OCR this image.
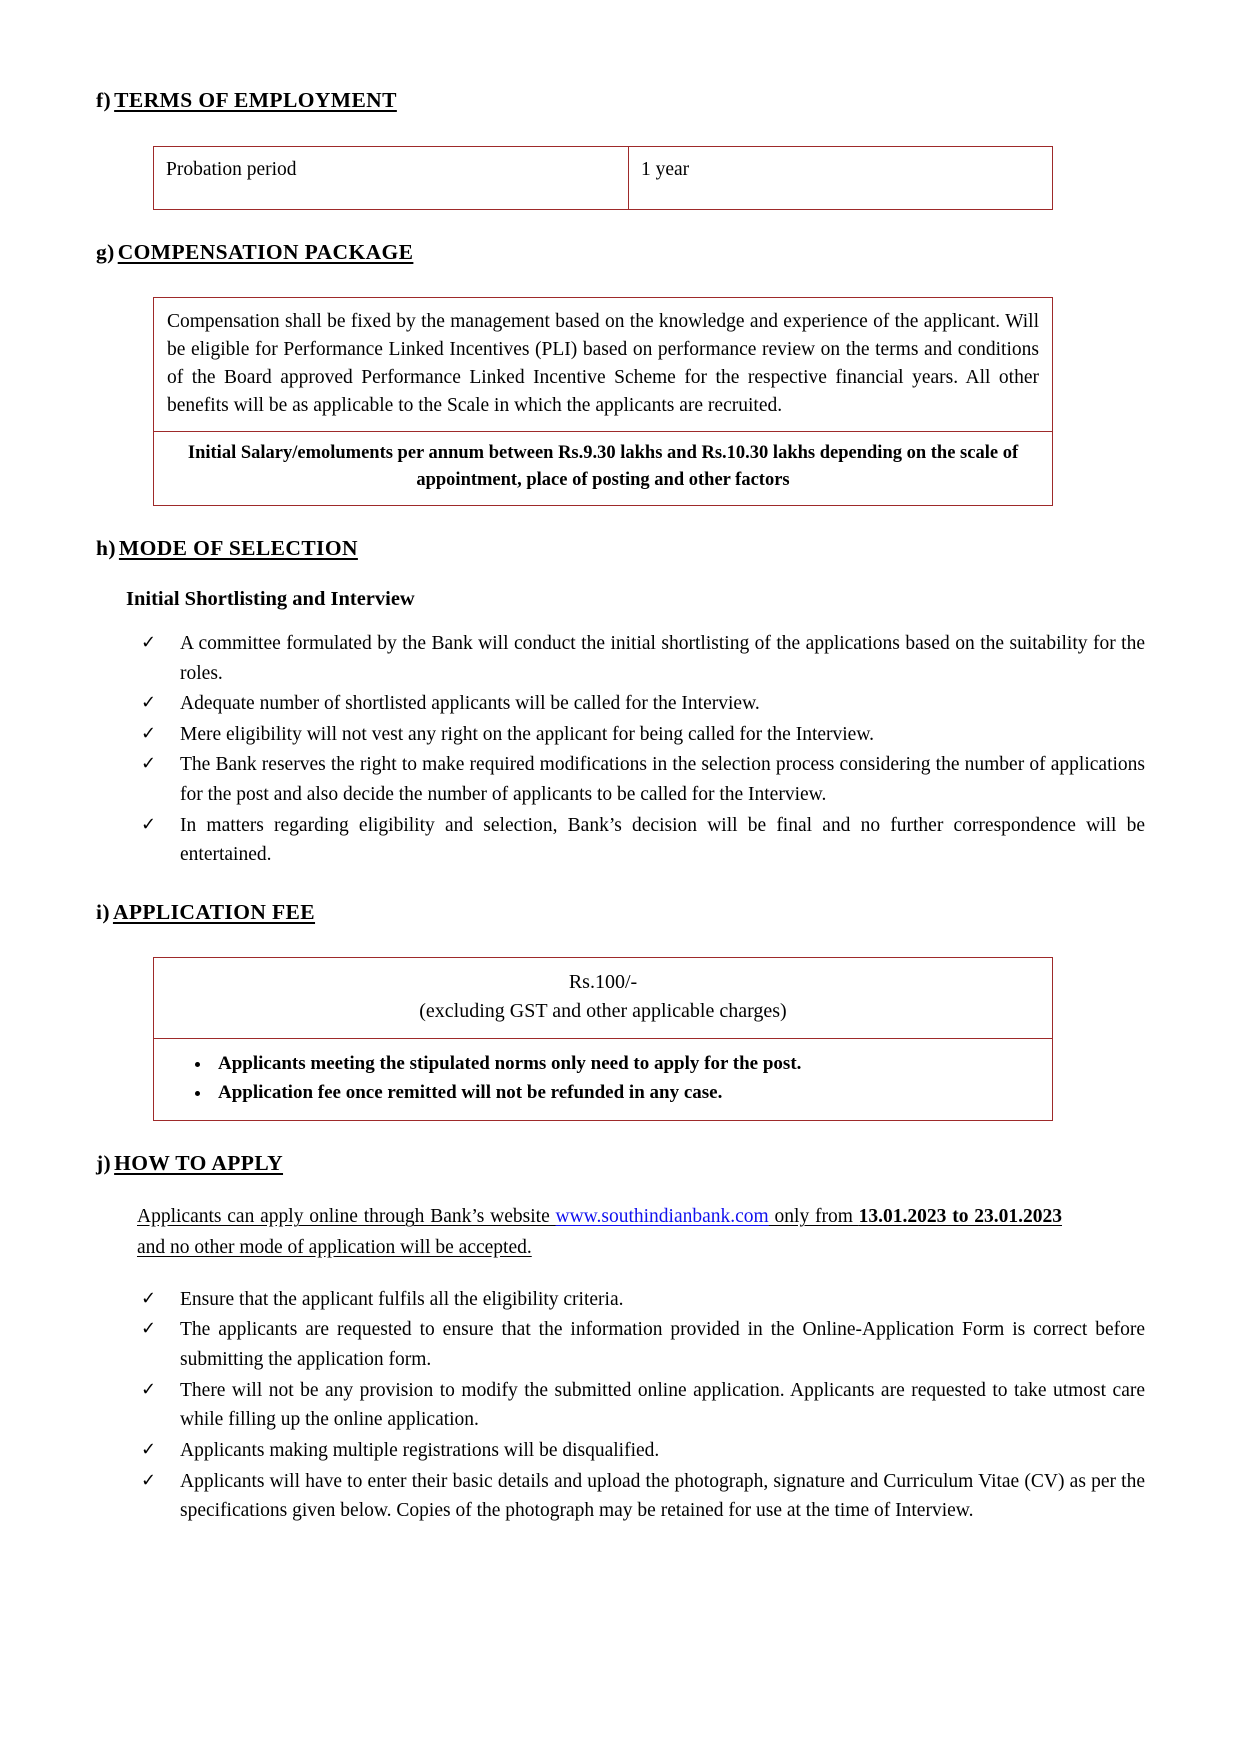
f) TERMS OF EMPLOYMENT
Probation period	1 year
g) COMPENSATION PACKAGE
Compensation shall be fixed by the management based on the knowledge and experience of the applicant. Will be eligible for Performance Linked Incentives (PLI) based on performance review on the terms and conditions of the Board approved Performance Linked Incentive Scheme for the respective financial years. All other benefits will be as applicable to the Scale in which the applicants are recruited.
Initial Salary/emoluments per annum between Rs.9.30 lakhs and Rs.10.30 lakhs depending on the scale of appointment, place of posting and other factors
h) MODE OF SELECTION
Initial Shortlisting and Interview
✓ A committee formulated by the Bank will conduct the initial shortlisting of the applications based on the suitability for the roles.
✓ Adequate number of shortlisted applicants will be called for the Interview.
✓ Mere eligibility will not vest any right on the applicant for being called for the Interview.
✓ The Bank reserves the right to make required modifications in the selection process considering the number of applications for the post and also decide the number of applicants to be called for the Interview.
✓ In matters regarding eligibility and selection, Bank’s decision will be final and no further correspondence will be entertained.
i) APPLICATION FEE
Rs.100/-
(excluding GST and other applicable charges)

• Applicants meeting the stipulated norms only need to apply for the post.
• Application fee once remitted will not be refunded in any case.
j) HOW TO APPLY
Applicants can apply online through Bank’s website www.southindianbank.com only from 13.01.2023 to 23.01.2023 and no other mode of application will be accepted.
✓ Ensure that the applicant fulfils all the eligibility criteria.
✓ The applicants are requested to ensure that the information provided in the Online-Application Form is correct before submitting the application form.
✓ There will not be any provision to modify the submitted online application. Applicants are requested to take utmost care while filling up the online application.
✓ Applicants making multiple registrations will be disqualified.
✓ Applicants will have to enter their basic details and upload the photograph, signature and Curriculum Vitae (CV) as per the specifications given below. Copies of the photograph may be retained for use at the time of Interview.
